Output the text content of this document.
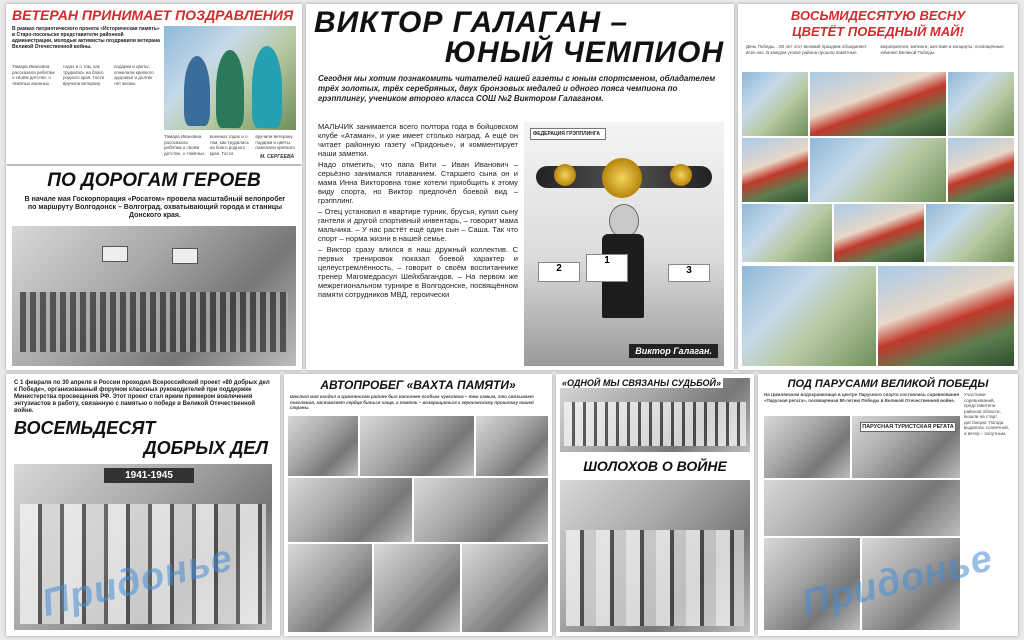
ВЕТЕРАН ПРИНИМАЕТ ПОЗДРАВЛЕНИЯ
В рамках патриотического проекта «Историческая память» в Старо-посольске представители районной администрации, молодые активисты поздравили ветерана Великой Отечественной войны.
Тамара Ивановна рассказала ребятам о своём детстве, о тяжёлых военных годах и о том, как трудилась на благо родного края. Гости вручили ветерану подарки и цветы, пожелали крепкого здоровья и долгих лет жизни.
Тамара Ивановна рассказала ребятам о своём детстве, о тяжёлых военных годах и о том, как трудилась на благо родного края. Гости вручили ветерану подарки и цветы, пожелали крепкого
М. СЕРГЕЕВА
ПО ДОРОГАМ ГЕРОЕВ
В начале мая Госкорпорация «Росатом» провела масштабный велопробег по маршруту Волгодонск – Волгоград, охватывающий города и станицы Донского края.
ВИКТОР ГАЛАГАН –
ЮНЫЙ ЧЕМПИОН
Сегодня мы хотим познакомить читателей нашей газеты с юным спортсменом, обладателем трёх золотых, трёх серебряных, двух бронзовых медалей и одного пояса чемпиона по грэпплингу, учеником второго класса СОШ №2 Виктором Галаганом.

МАЛЬЧИК занимается всего полтора года в бойцовском клубе «Атаман», и уже имеет столько наград. А ещё он читает районную газету «Придонье», и комментирует наши заметки.

Надо отметить, что папа Вити – Иван Иванович – серьёзно занимался плаванием. Старшего сына он и мама Инна Викторовна тоже хотели приобщить к этому виду спорта, но Виктор предпочёл боевой вид – грэпплинг.

– Отец установил в квартире турник, брусья, купил сыну гантели и другой спортивный инвентарь, – говорит мама мальчика. – У нас растёт ещё один сын – Саша. Так что спорт – норма жизни в нашей семье.

– Виктор сразу влился в наш дружный коллектив. С первых тренировок показал боевой характер и целеустремлённость, – говорит о своём воспитаннике тренер Магомедрасул Шейхбагандов. – На первом же межрегиональном турнире в Волгодонске, посвящённом памяти сотрудников МВД, героически

ФЕДЕРАЦИЯ ГРЭППЛИНГА
2
1
3
Виктор Галаган.
ВОСЬМИДЕСЯТУЮ ВЕСНУ
ЦВЕТЁТ ПОБЕДНЫЙ МАЙ!
День Победы... 80 лет этот великий праздник объединяет всех нас. В каждом уголке района прошли памятные мероприятия, митинги, шествия и концерты, посвящённые юбилею Великой Победы.
С 1 февраля по 30 апреля в России проходил Всероссийский проект «80 добрых дел к Победе», организованный форумом классных руководителей при поддержке Министерства просвещения РФ. Этот проект стал ярким примером вовлечения энтузиастов в работу, связанную с памятью о победе в Великой Отечественной войне.
ВОСЕМЬДЕСЯТ
ДОБРЫХ ДЕЛ
1941-1945
АВТОПРОБЕГ «ВАХТА ПАМЯТИ»
Шестой мая входил в Цимлянском районе был наполнен особым чувством – тем самым, что связывает поколения, заставляет сердце биться чаще, а память – возвращаться к героическому прошлому нашей страны.
«ОДНОЙ МЫ СВЯЗАНЫ СУДЬБОЙ»
ШОЛОХОВ О ВОЙНЕ
ПОД ПАРУСАМИ ВЕЛИКОЙ ПОБЕДЫ
На Цимлянском водохранилище в центре Парусного спорта состоялись соревнования «Парусная регата», посвящённая 80-летию Победы в Великой Отечественной войне.
Участники соревнований, представители районов области, вышли на старт дистанции. Погода выдалась солнечной, а ветер – попутным.
ПАРУСНАЯ ТУРИСТСКАЯ РЕГАТА
Придонье	Придонье
